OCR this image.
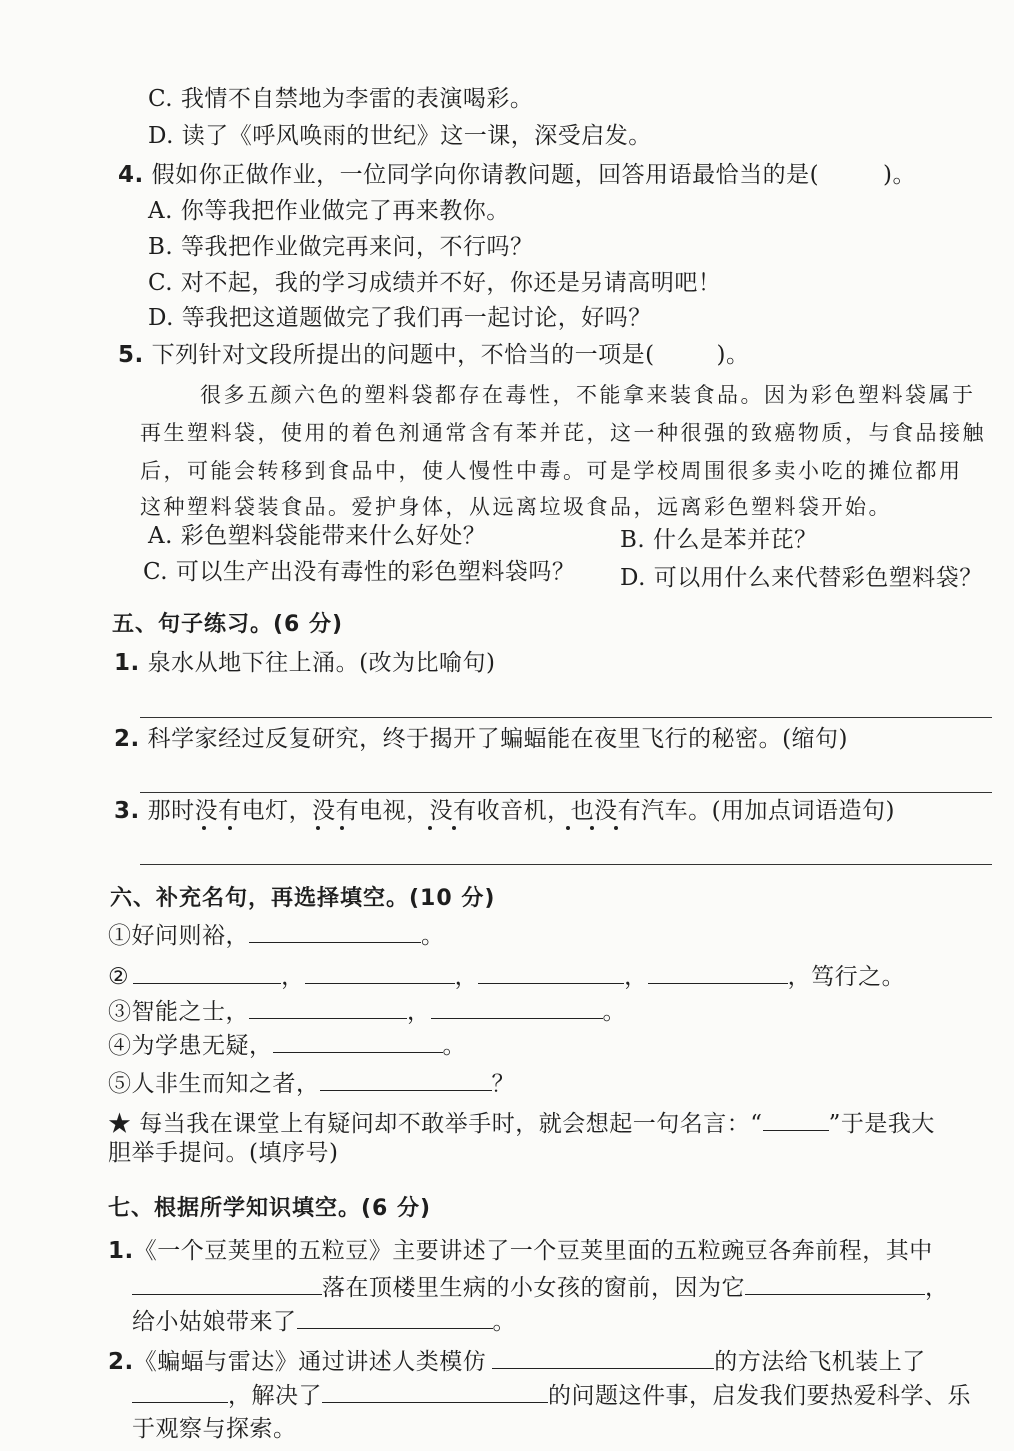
C. 我情不自禁地为李雷的表演喝彩。
D. 读了《呼风唤雨的世纪》这一课，深受启发。
4. 假如你正做作业，一位同学向你请教问题，回答用语最恰当的是(	)。
A. 你等我把作业做完了再来教你。
B. 等我把作业做完再来问，不行吗？
C. 对不起，我的学习成绩并不好，你还是另请高明吧！
D. 等我把这道题做完了我们再一起讨论，好吗？
5. 下列针对文段所提出的问题中，不恰当的一项是(	)。
很多五颜六色的塑料袋都存在毒性，不能拿来装食品。因为彩色塑料袋属于
再生塑料袋，使用的着色剂通常含有苯并芘，这一种很强的致癌物质，与食品接触
后，可能会转移到食品中，使人慢性中毒。可是学校周围很多卖小吃的摊位都用
这种塑料袋装食品。爱护身体，从远离垃圾食品，远离彩色塑料袋开始。
A. 彩色塑料袋能带来什么好处？	B. 什么是苯并芘？
C. 可以生产出没有毒性的彩色塑料袋吗？ D. 可以用什么来代替彩色塑料袋？
五、句子练习。(6 分)
1. 泉水从地下往上涌。(改为比喻句)
2. 科学家经过反复研究，终于揭开了蝙蝠能在夜里飞行的秘密。(缩句)
3. 那时没有电灯，没有电视，没有收音机，也没有汽车。(用加点词语造句)
六、补充名句，再选择填空。(10 分)
①好问则裕，	。
②	，	，	，	，笃行之。
③智能之士，	，	。
④为学患无疑，	。
⑤人非生而知之者，	？
★ 每当我在课堂上有疑问却不敢举手时，就会想起一句名言：“	”于是我大
胆举手提问。(填序号)
七、根据所学知识填空。(6 分)
1.《一个豆荚里的五粒豆》主要讲述了一个豆荚里面的五粒豌豆各奔前程，其中
落在顶楼里生病的小女孩的窗前，因为它	，
给小姑娘带来了	。
2.《蝙蝠与雷达》通过讲述人类模仿	的方法给飞机装上了
，解决了	的问题这件事，启发我们要热爱科学、乐
于观察与探索。
